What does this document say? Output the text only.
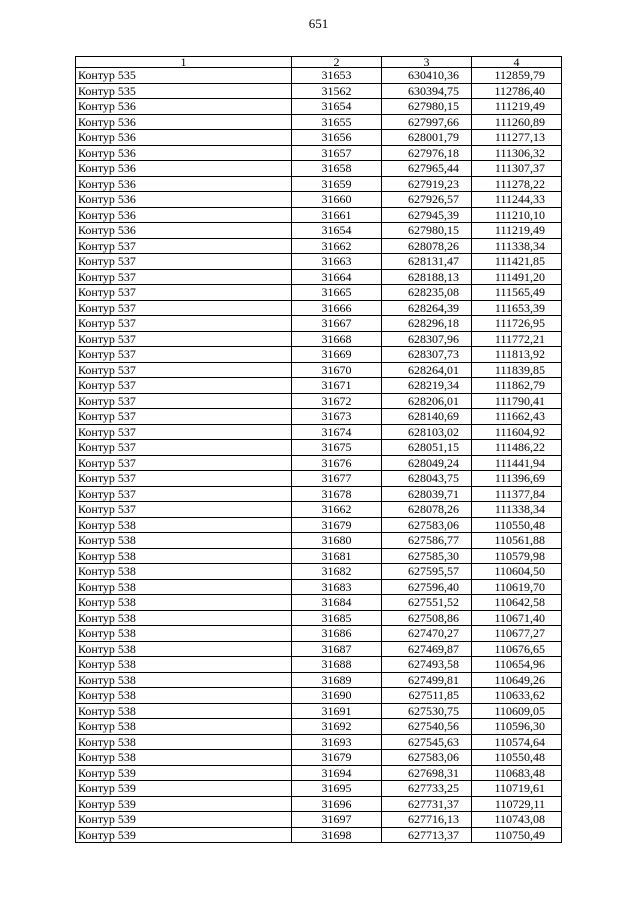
651
1	2	3	4
Контур 535	31653	630410,36	112859,79
Контур 535	31562	630394,75	112786,40
Контур 536	31654	627980,15	111219,49
Контур 536	31655	627997,66	111260,89
Контур 536	31656	628001,79	111277,13
Контур 536	31657	627976,18	111306,32
Контур 536	31658	627965,44	111307,37
Контур 536	31659	627919,23	111278,22
Контур 536	31660	627926,57	111244,33
Контур 536	31661	627945,39	111210,10
Контур 536	31654	627980,15	111219,49
Контур 537	31662	628078,26	111338,34
Контур 537	31663	628131,47	111421,85
Контур 537	31664	628188,13	111491,20
Контур 537	31665	628235,08	111565,49
Контур 537	31666	628264,39	111653,39
Контур 537	31667	628296,18	111726,95
Контур 537	31668	628307,96	111772,21
Контур 537	31669	628307,73	111813,92
Контур 537	31670	628264,01	111839,85
Контур 537	31671	628219,34	111862,79
Контур 537	31672	628206,01	111790,41
Контур 537	31673	628140,69	111662,43
Контур 537	31674	628103,02	111604,92
Контур 537	31675	628051,15	111486,22
Контур 537	31676	628049,24	111441,94
Контур 537	31677	628043,75	111396,69
Контур 537	31678	628039,71	111377,84
Контур 537	31662	628078,26	111338,34
Контур 538	31679	627583,06	110550,48
Контур 538	31680	627586,77	110561,88
Контур 538	31681	627585,30	110579,98
Контур 538	31682	627595,57	110604,50
Контур 538	31683	627596,40	110619,70
Контур 538	31684	627551,52	110642,58
Контур 538	31685	627508,86	110671,40
Контур 538	31686	627470,27	110677,27
Контур 538	31687	627469,87	110676,65
Контур 538	31688	627493,58	110654,96
Контур 538	31689	627499,81	110649,26
Контур 538	31690	627511,85	110633,62
Контур 538	31691	627530,75	110609,05
Контур 538	31692	627540,56	110596,30
Контур 538	31693	627545,63	110574,64
Контур 538	31679	627583,06	110550,48
Контур 539	31694	627698,31	110683,48
Контур 539	31695	627733,25	110719,61
Контур 539	31696	627731,37	110729,11
Контур 539	31697	627716,13	110743,08
Контур 539	31698	627713,37	110750,49
